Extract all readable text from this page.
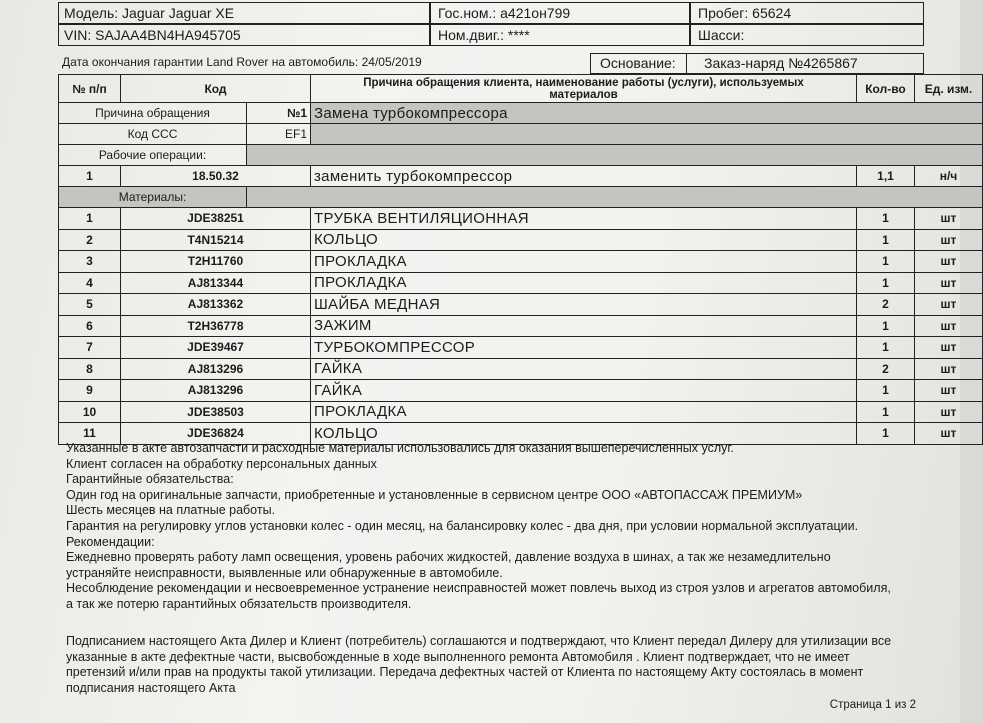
Модель: Jaguar Jaguar XE	Гос.ном.: а421он799	Пробег: 65624
VIN: SAJAA4BN4HA945705	Ном.двиг.: ****	Шасси:
Дата окончания гарантии Land Rover на автомобиль: 24/05/2019	Основание: Заказ-наряд №4265867
№ п/п	Код		Причина обращения клиента, наименование работы (услуги), используемых материалов	Кол-во	Ед. изм.
Причина обращения		№1	Замена турбокомпрессора		
Код ССС		EF1			
Рабочие операции:					
1	18.50.32		заменить турбокомпрессор	1,1	н/ч
Материалы:					
1	JDE38251		ТРУБКА ВЕНТИЛЯЦИОННАЯ	1	шт
2	T4N15214		КОЛЬЦО	1	шт
3	T2H11760		ПРОКЛАДКА	1	шт
4	AJ813344		ПРОКЛАДКА	1	шт
5	AJ813362		ШАЙБА МЕДНАЯ	2	шт
6	T2H36778		ЗАЖИМ	1	шт
7	JDE39467		ТУРБОКОМПРЕССОР	1	шт
8	AJ813296		ГАЙКА	2	шт
9	AJ813296		ГАЙКА	1	шт
10	JDE38503		ПРОКЛАДКА	1	шт
11	JDE36824		КОЛЬЦО	1	шт
Указанные в акте автозапчасти и расходные материалы использовались для оказания вышеперечисленных услуг.
Клиент согласен на обработку персональных данных
Гарантийные обязательства:
Один год на оригинальные запчасти, приобретенные и установленные в сервисном центре ООО «АВТОПАССАЖ ПРЕМИУМ»
Шесть месяцев на платные работы.
Гарантия на регулировку углов установки колес - один месяц, на балансировку колес - два дня, при условии нормальной эксплуатации.
Рекомендации:
Ежедневно проверять работу ламп освещения, уровень рабочих жидкостей, давление воздуха в шинах, а так же незамедлительно
устраняйте неисправности, выявленные или обнаруженные в автомобиле.
Несоблюдение рекомендации и несвоевременное устранение неисправностей может повлечь выход из строя узлов и агрегатов автомобиля,
а так же потерю гарантийных обязательств производителя.
Подписанием настоящего Акта Дилер и Клиент (потребитель) соглашаются и подтверждают, что Клиент передал Дилеру для утилизации все
указанные в акте дефектные части, высвобожденные в ходе выполненного ремонта Автомобиля . Клиент подтверждает, что не имеет
претензий и/или прав на продукты такой утилизации. Передача дефектных частей от Клиента по настоящему Акту состоялась в момент
подписания настоящего Акта
Страница 1 из 2
